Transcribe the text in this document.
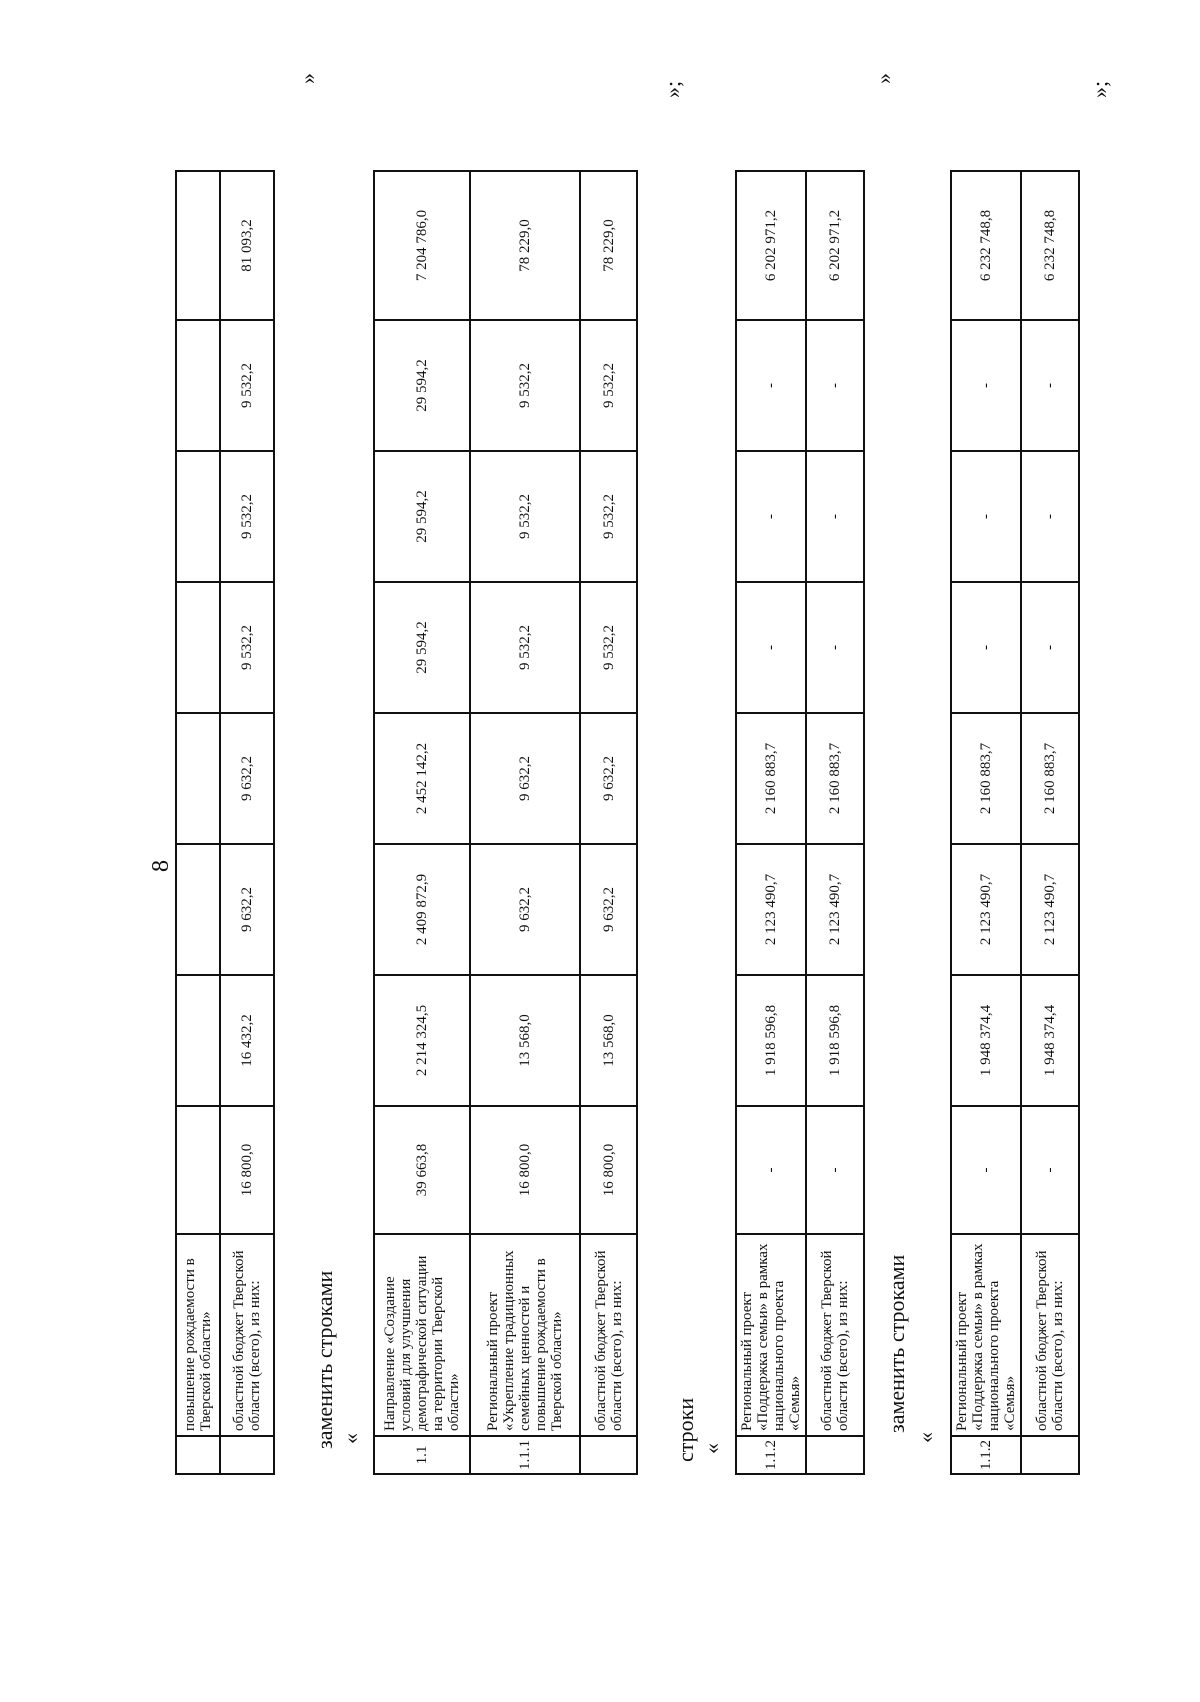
8
	повышение рождаемости в Тверской области»								
	областной бюджет Тверской области (всего), из них:	16 800,0	16 432,2	9 632,2	9 632,2	9 532,2	9 532,2	9 532,2	81 093,2
»
заменить строками «
1.1	Направление «Создание условий для улучшения демографической ситуации на территории Тверской области»	39 663,8	2 214 324,5	2 409 872,9	2 452 142,2	29 594,2	29 594,2	29 594,2	7 204 786,0
1.1.1	Региональный проект «Укрепление традиционных семейных ценностей и повышение рождаемости в Тверской области»	16 800,0	13 568,0	9 632,2	9 632,2	9 532,2	9 532,2	9 532,2	78 229,0
	областной бюджет Тверской области (всего), из них:	16 800,0	13 568,0	9 632,2	9 632,2	9 532,2	9 532,2	9 532,2	78 229,0
»;
строки «	1.1.2	Региональный проект «Поддержка семьи» в рамках национального проекта «Семья»	-	1 918 596,8	2 123 490,7	2 160 883,7	-	-	-	6 202 971,2
	областной бюджет Тверской области (всего), из них:	-	1 918 596,8	2 123 490,7	2 160 883,7	-	-	-	6 202 971,2
»
заменить строками
«
1.1.2	Региональный проект «Поддержка семьи» в рамках национального проекта «Семья»	-	1 948 374,4	2 123 490,7	2 160 883,7	-	-	-	6 232 748,8
	областной бюджет Тверской области (всего), из них:	-	1 948 374,4	2 123 490,7	2 160 883,7	-	-	-	6 232 748,8
»;
